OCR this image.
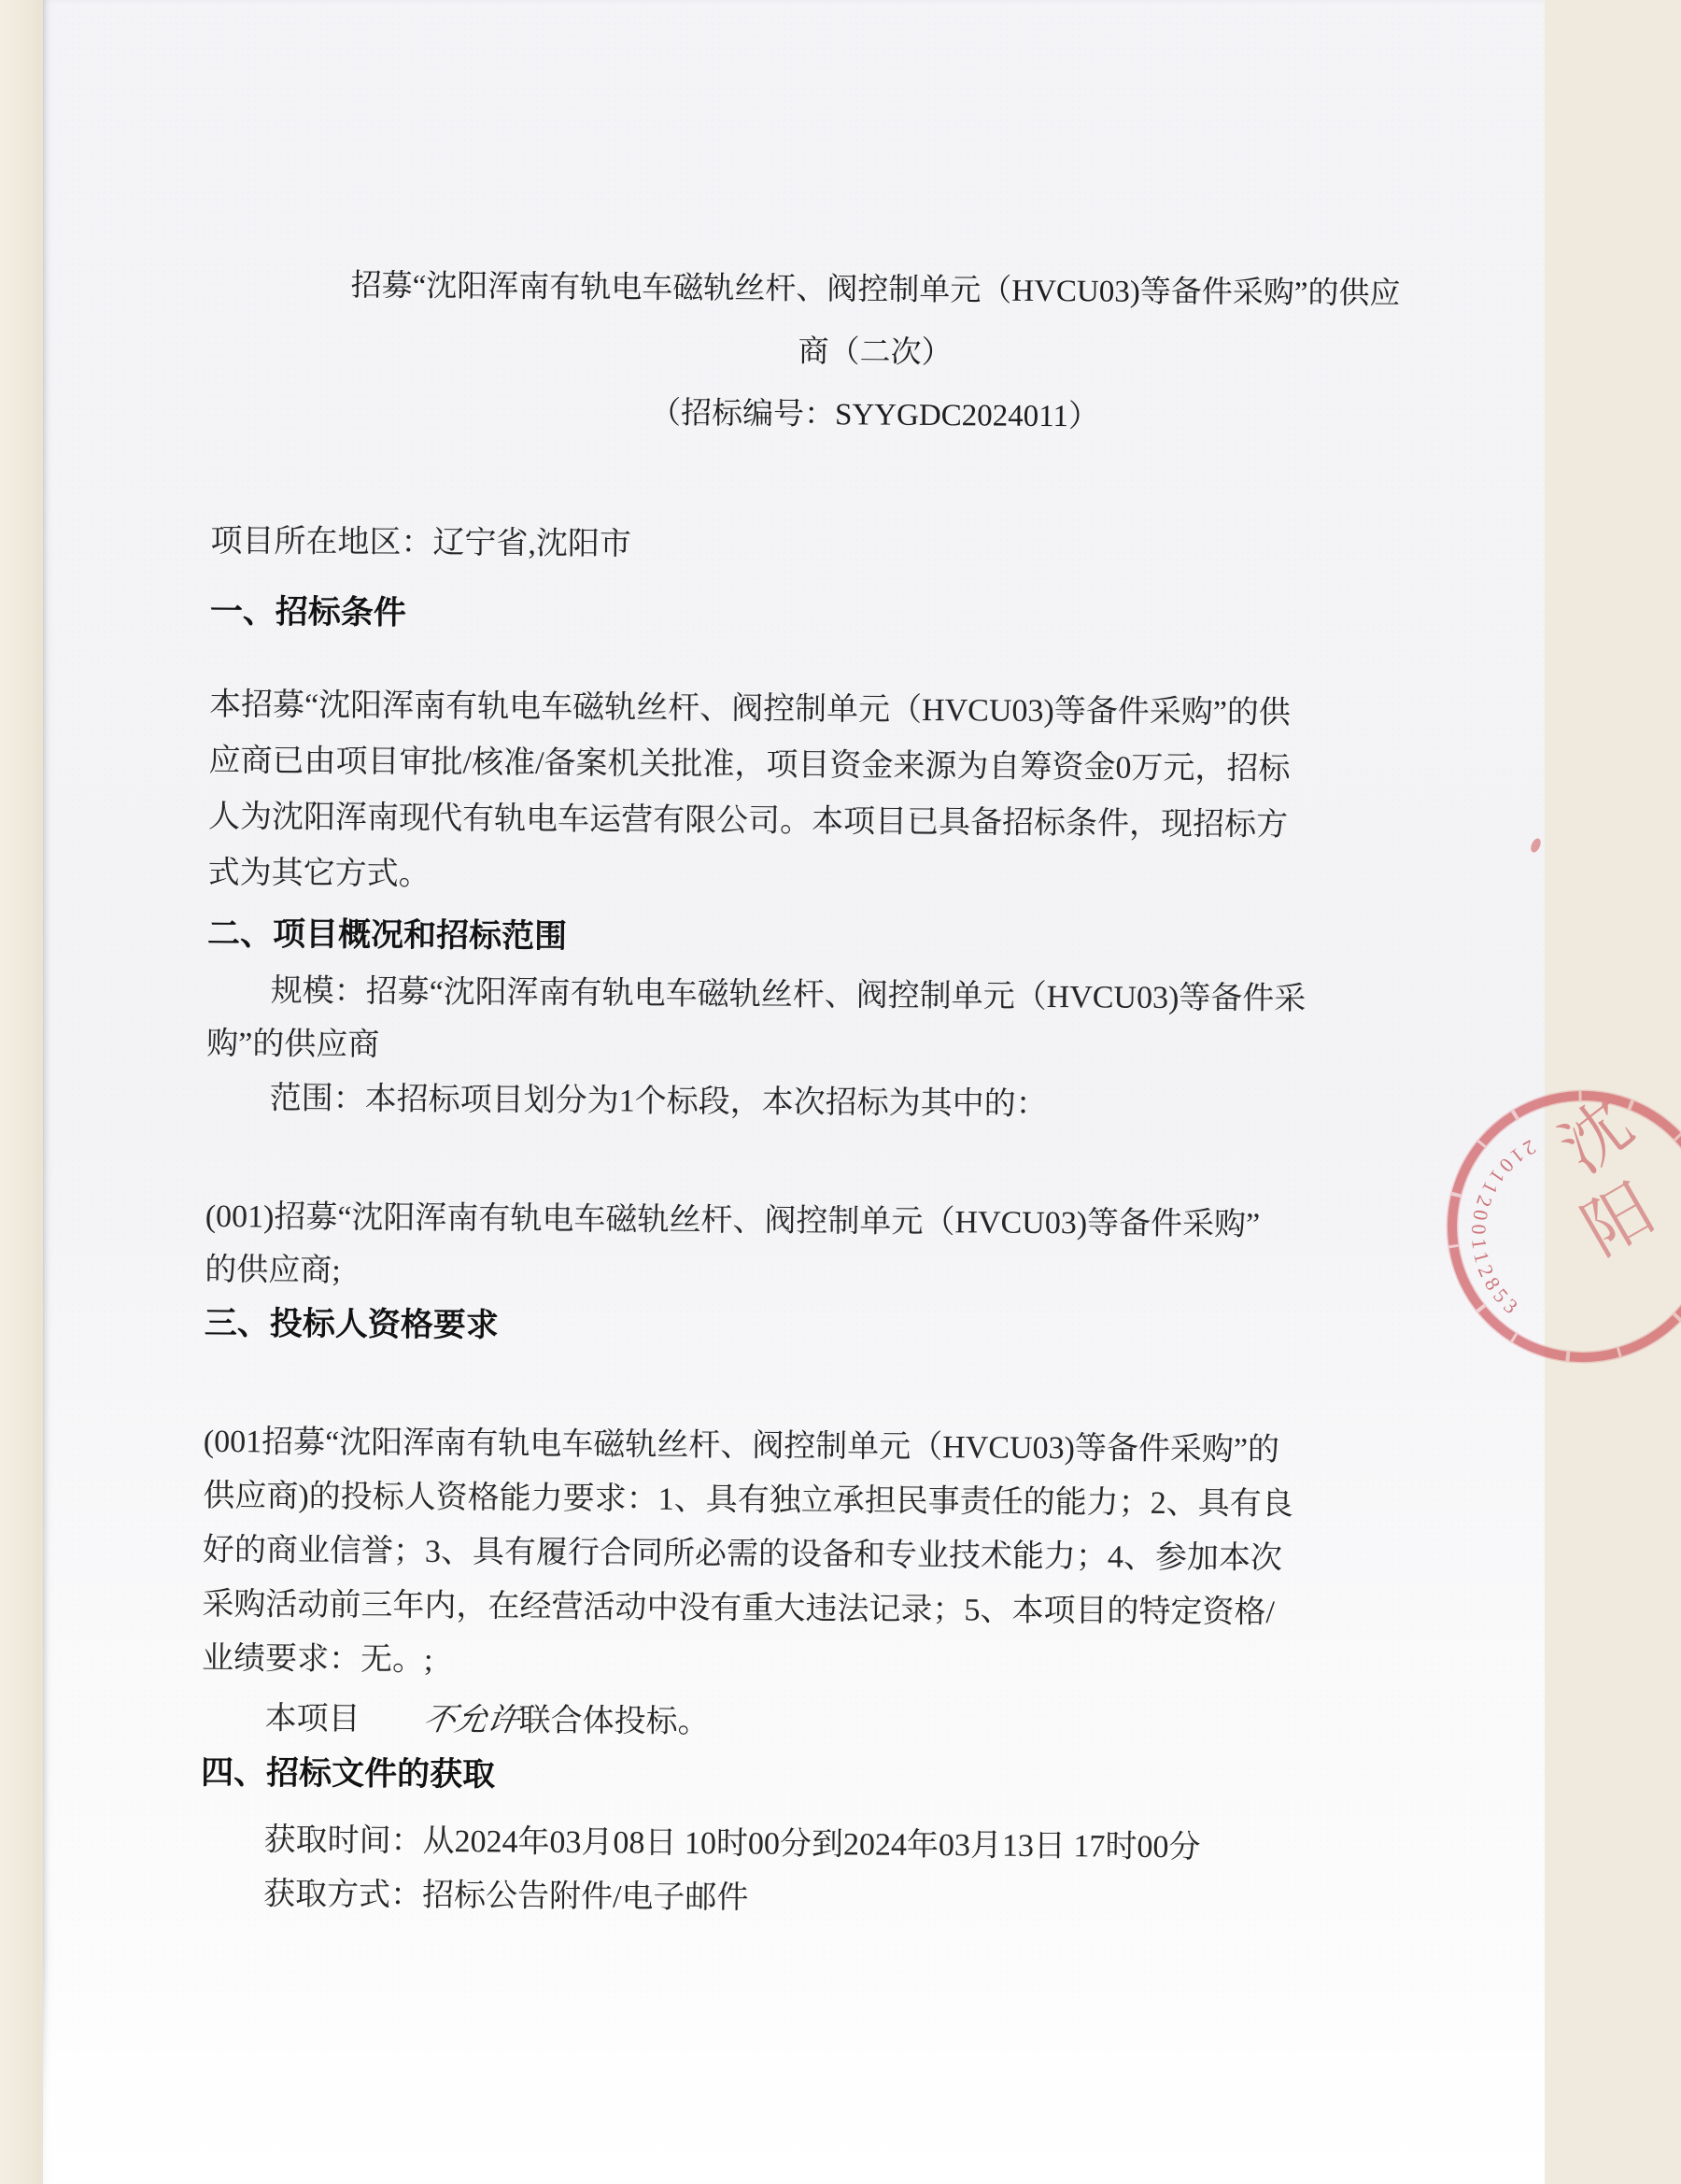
招募“沈阳浑南有轨电车磁轨丝杆、阀控制单元（HVCU03)等备件采购”的供应
商（二次）
（招标编号：SYYGDC2024011）
项目所在地区：辽宁省,沈阳市
一、招标条件
本招募“沈阳浑南有轨电车磁轨丝杆、阀控制单元（HVCU03)等备件采购”的供
应商已由项目审批/核准/备案机关批准，项目资金来源为自筹资金0万元，招标
人为沈阳浑南现代有轨电车运营有限公司。本项目已具备招标条件，现招标方
式为其它方式。
二、项目概况和招标范围
规模：招募“沈阳浑南有轨电车磁轨丝杆、阀控制单元（HVCU03)等备件采
购”的供应商
范围：本招标项目划分为1个标段，本次招标为其中的：
(001)招募“沈阳浑南有轨电车磁轨丝杆、阀控制单元（HVCU03)等备件采购”
的供应商;
三、投标人资格要求
(001招募“沈阳浑南有轨电车磁轨丝杆、阀控制单元（HVCU03)等备件采购”的
供应商)的投标人资格能力要求：1、具有独立承担民事责任的能力；2、具有良
好的商业信誉；3、具有履行合同所必需的设备和专业技术能力；4、参加本次
采购活动前三年内，在经营活动中没有重大违法记录；5、本项目的特定资格/
业绩要求：无。;
本项目 不允许联合体投标。
四、招标文件的获取
获取时间：从2024年03月08日 10时00分到2024年03月13日 17时00分
获取方式：招标公告附件/电子邮件
21011200112853
沈
阳
